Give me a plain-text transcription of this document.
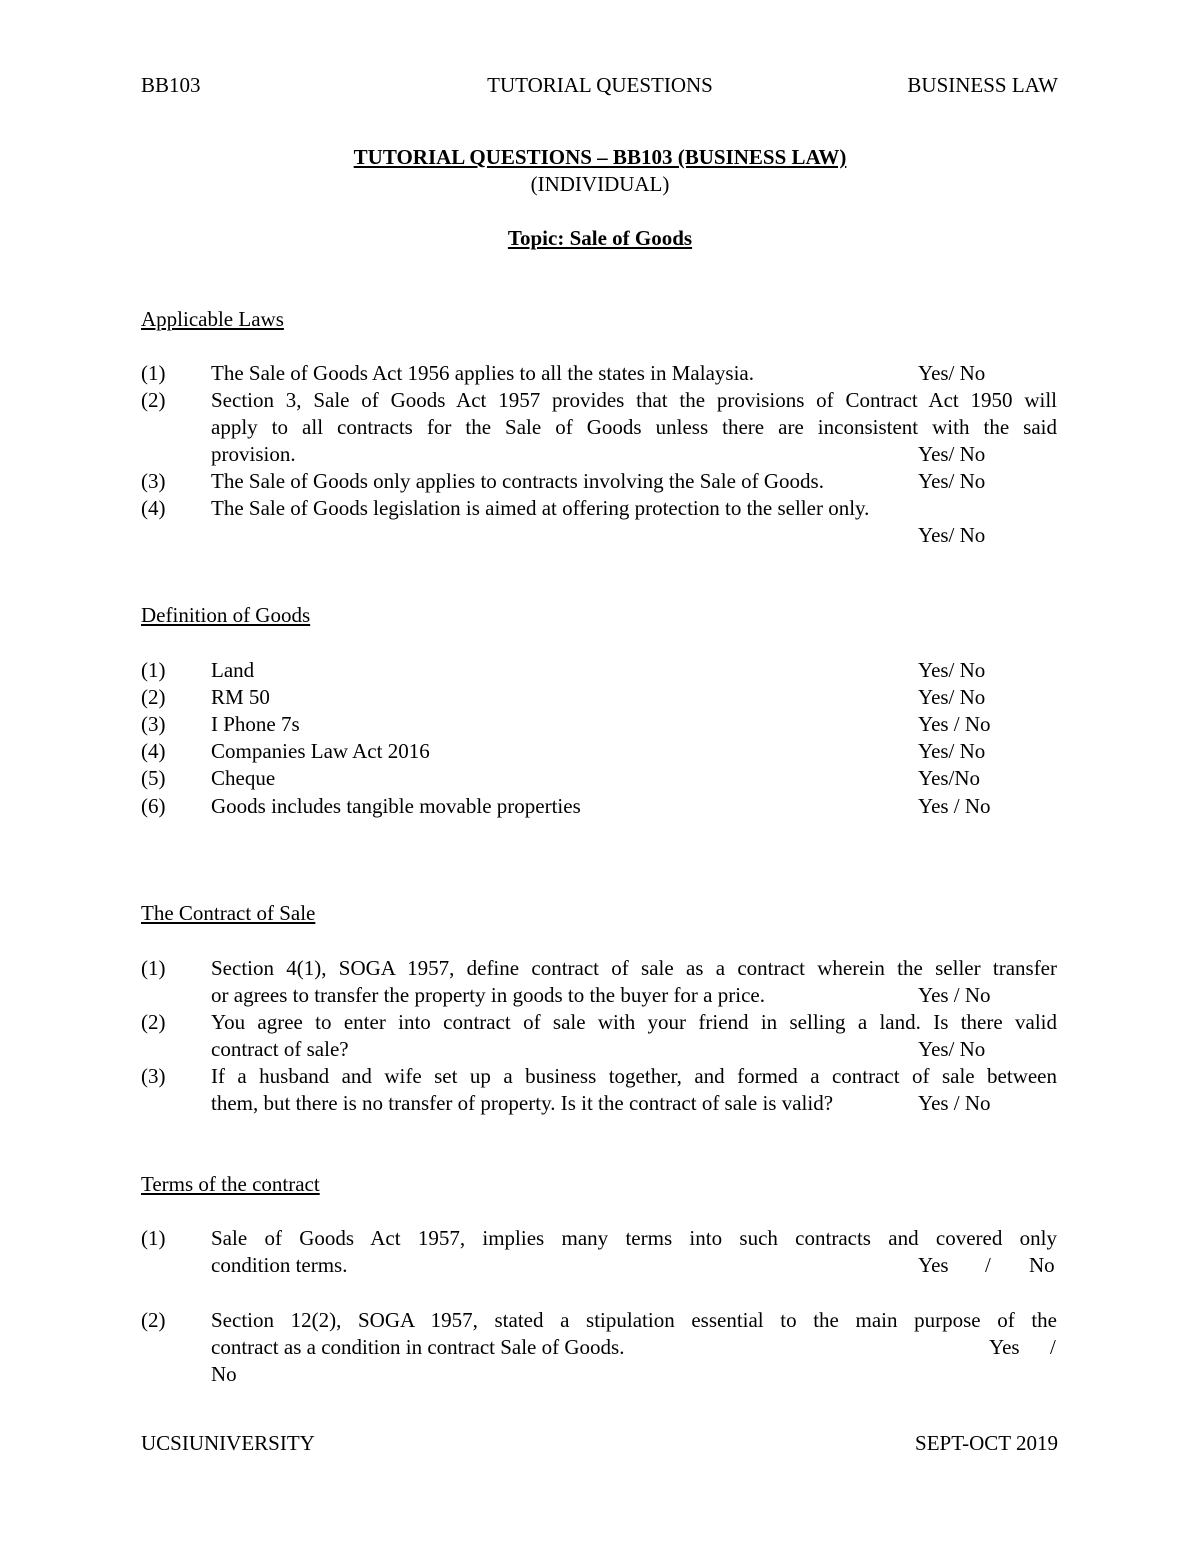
BB103	TUTORIAL QUESTIONS	BUSINESS LAW
TUTORIAL QUESTIONS – BB103 (BUSINESS LAW)
(INDIVIDUAL)
Topic: Sale of Goods
Applicable Laws
(1) The Sale of Goods Act 1956 applies to all the states in Malaysia.	Yes/ No
(2) Section 3, Sale of Goods Act 1957 provides that the provisions of Contract Act 1950 will
apply to all contracts for the Sale of Goods unless there are inconsistent with the said
provision.	Yes/ No
(3) The Sale of Goods only applies to contracts involving the Sale of Goods.	Yes/ No
(4) The Sale of Goods legislation is aimed at offering protection to the seller only.
Yes/ No
Definition of Goods
(1) Land	Yes/ No
(2) RM 50	Yes/ No
(3) I Phone 7s	Yes / No
(4) Companies Law Act 2016	Yes/ No
(5) Cheque	Yes/No
(6) Goods includes tangible movable properties	Yes / No
The Contract of Sale
(1) Section 4(1), SOGA 1957, define contract of sale as a contract wherein the seller transfer
or agrees to transfer the property in goods to the buyer for a price.	Yes / No
(2) You agree to enter into contract of sale with your friend in selling a land. Is there valid
contract of sale?	Yes/ No
(3) If a husband and wife set up a business together, and formed a contract of sale between
them, but there is no transfer of property. Is it the contract of sale is valid?	Yes / No
Terms of the contract
(1) Sale of Goods Act 1957, implies many terms into such contracts and covered only
condition terms.	Yes / No
(2) Section 12(2), SOGA 1957, stated a stipulation essential to the main purpose of the
contract as a condition in contract Sale of Goods.	Yes /
No
UCSIUNIVERSITY	SEPT-OCT 2019
